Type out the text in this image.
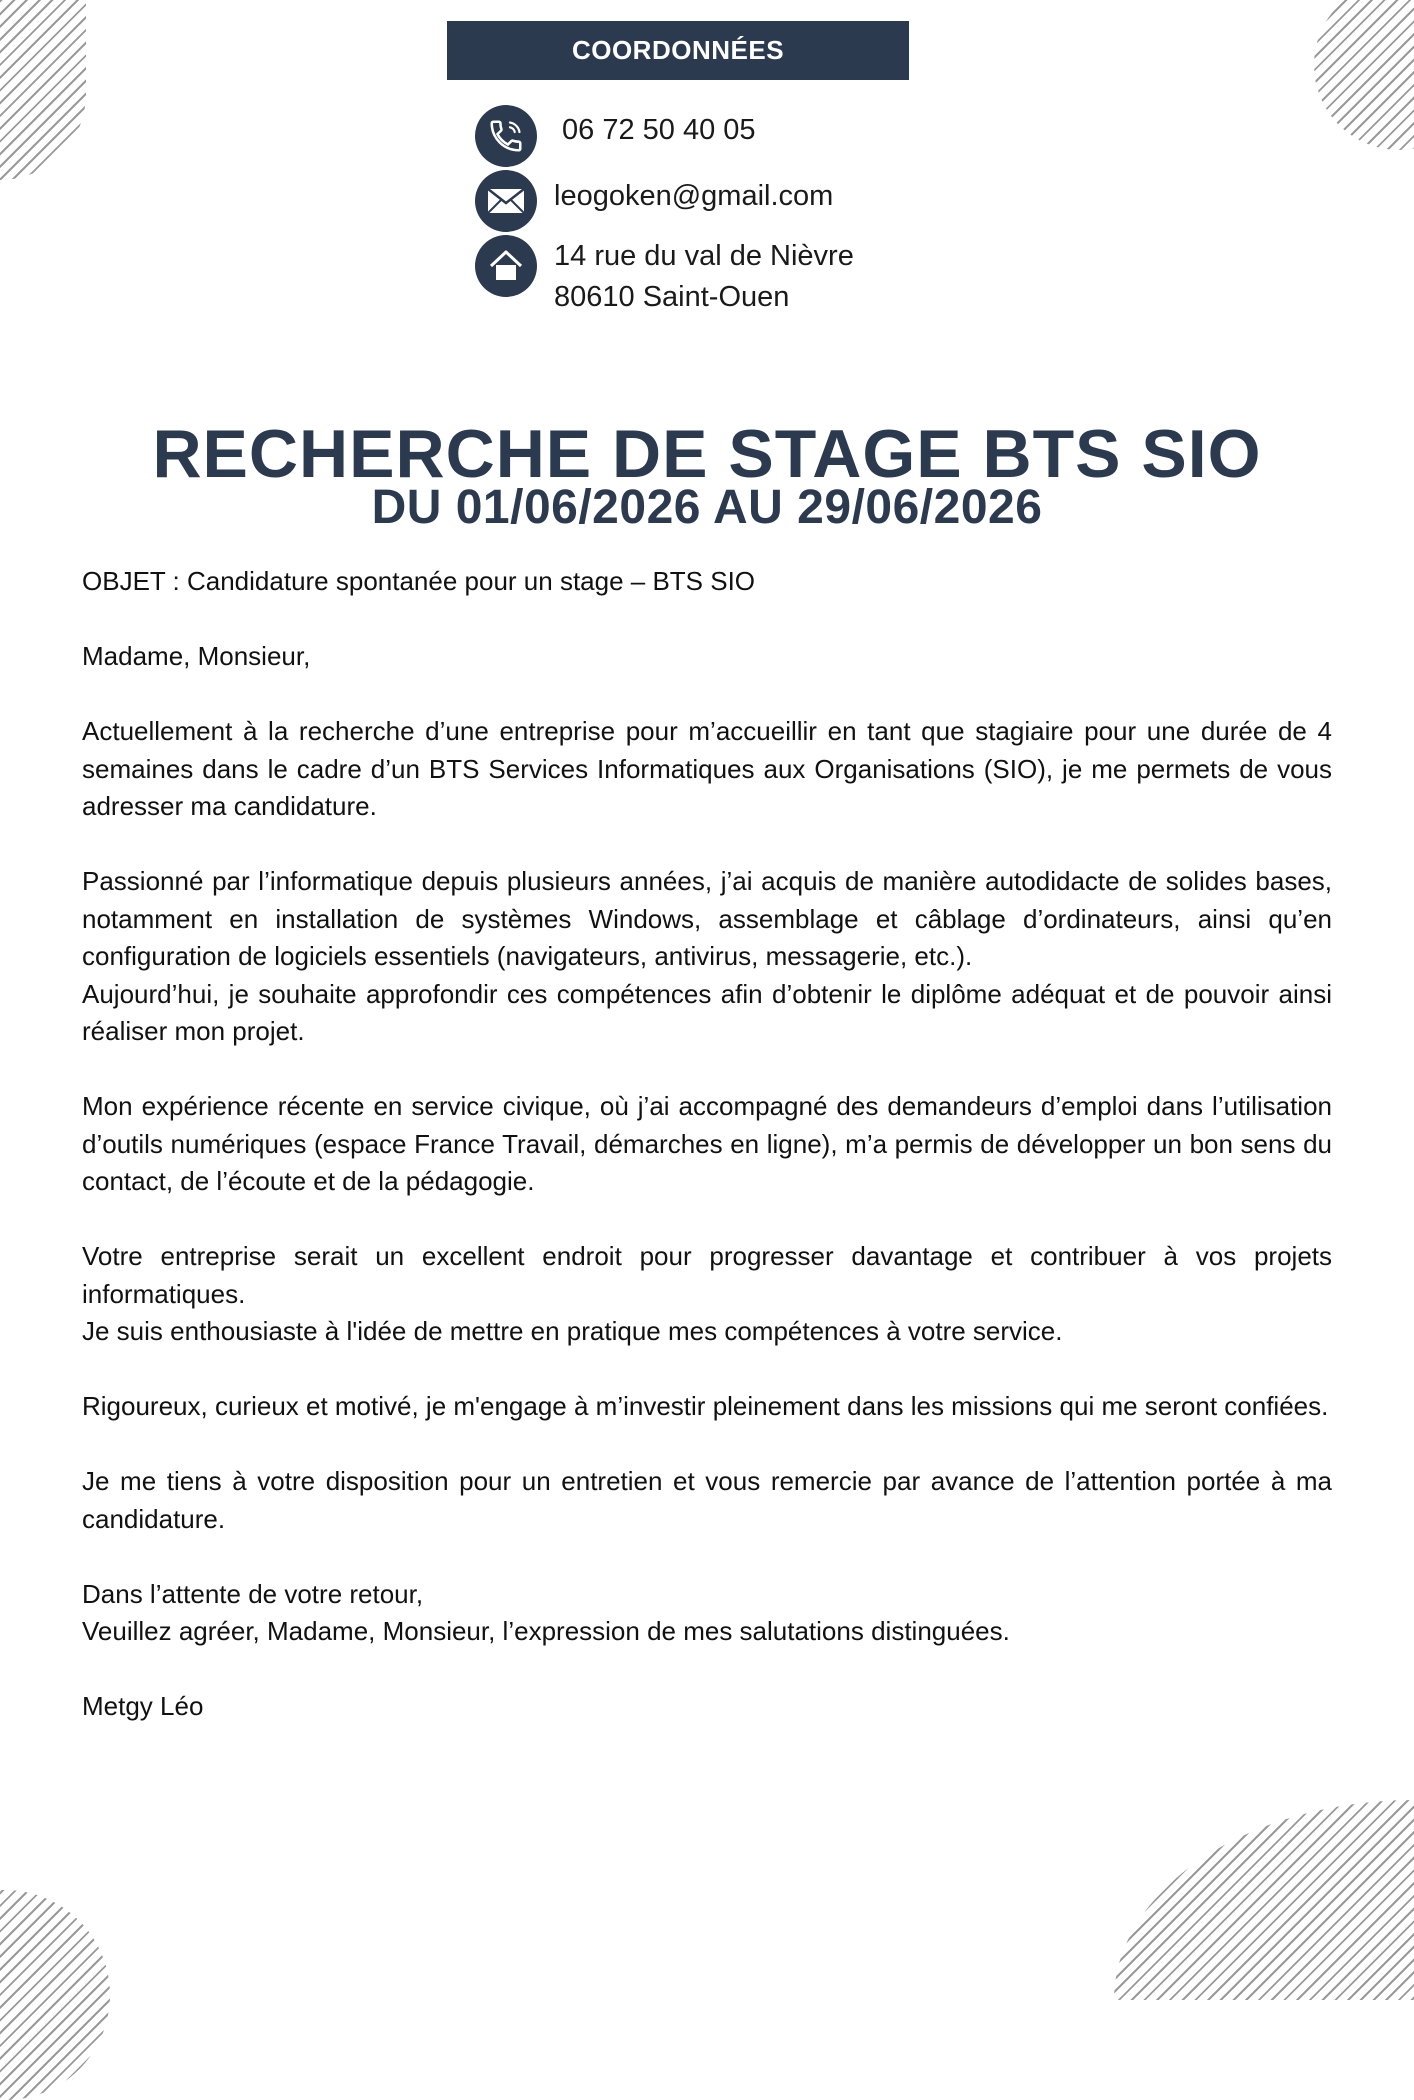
COORDONNÉES
06 72 50 40 05
leogoken@gmail.com
14 rue du val de Nièvre
80610 Saint-Ouen
RECHERCHE DE STAGE BTS SIO
DU 01/06/2026 AU 29/06/2026

OBJET : Candidature spontanée pour un stage – BTS SIO

Madame, Monsieur,

Actuellement à la recherche d’une entreprise pour m’accueillir en tant que stagiaire pour une durée de 4 semaines dans le cadre d’un BTS Services Informatiques aux Organisations (SIO), je me permets de vous adresser ma candidature.

Passionné par l’informatique depuis plusieurs années, j’ai acquis de manière autodidacte de solides bases, notamment en installation de systèmes Windows, assemblage et câblage d’ordinateurs, ainsi qu’en configuration de logiciels essentiels (navigateurs, antivirus, messagerie, etc.).

Aujourd’hui, je souhaite approfondir ces compétences afin d’obtenir le diplôme adéquat et de pouvoir ainsi réaliser mon projet.

Mon expérience récente en service civique, où j’ai accompagné des demandeurs d’emploi dans l’utilisation d’outils numériques (espace France Travail, démarches en ligne), m’a permis de développer un bon sens du contact, de l’écoute et de la pédagogie.

Votre entreprise serait un excellent endroit pour progresser davantage et contribuer à vos projets informatiques.

Je suis enthousiaste à l'idée de mettre en pratique mes compétences à votre service.

Rigoureux, curieux et motivé, je m'engage à m’investir pleinement dans les missions qui me seront confiées.

Je me tiens à votre disposition pour un entretien et vous remercie par avance de l’attention portée à ma candidature.

Dans l’attente de votre retour,

Veuillez agréer, Madame, Monsieur, l’expression de mes salutations distinguées.

Metgy Léo
